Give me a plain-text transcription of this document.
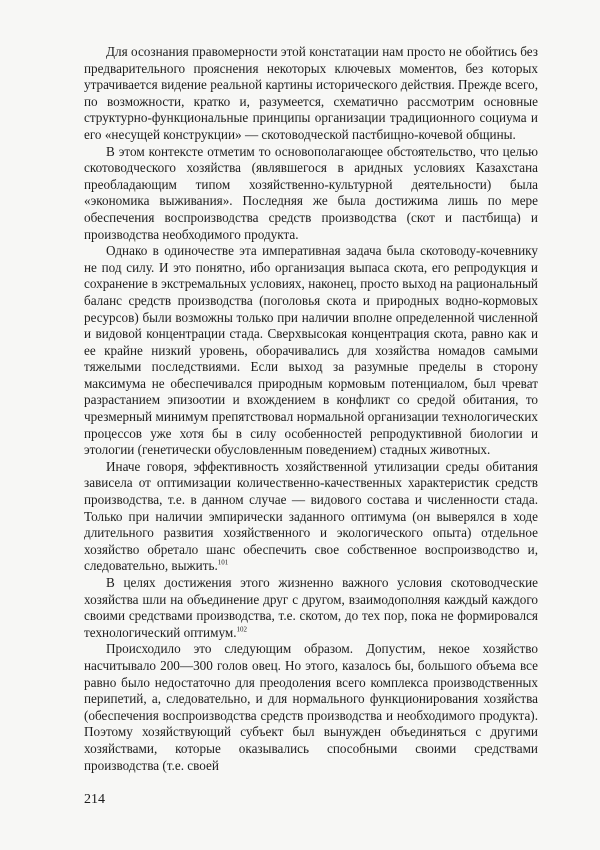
Для осознания правомерности этой констатации нам просто не обойтись без предварительного прояснения некоторых ключевых моментов, без которых утрачивается видение реальной картины исторического действия. Прежде всего, по возможности, кратко и, разумеется, схематично рассмотрим основные структурно-функциональные принципы организации традиционного социума и его «несущей конструкции» — скотоводческой пастбищно-кочевой общины.

В этом контексте отметим то основополагающее обстоятельство, что целью скотоводческого хозяйства (являвшегося в аридных условиях Казахстана преобладающим типом хозяйственно-культурной деятельности) была «экономика выживания». Последняя же была достижима лишь по мере обеспечения воспроизводства средств производства (скот и пастбища) и производства необходимого продукта.

Однако в одиночестве эта императивная задача была скотоводу-кочевнику не под силу. И это понятно, ибо организация выпаса скота, его репродукция и сохранение в экстремальных условиях, наконец, просто выход на рациональный баланс средств производства (поголовья скота и природных водно-кормовых ресурсов) были возможны только при наличии вполне определенной численной и видовой концентрации стада. Сверхвысокая концентрация скота, равно как и ее крайне низкий уровень, оборачивались для хозяйства номадов самыми тяжелыми последствиями. Если выход за разумные пределы в сторону максимума не обеспечивался природным кормовым потенциалом, был чреват разрастанием эпизоотии и вхождением в конфликт со средой обитания, то чрезмерный минимум препятствовал нормальной организации технологических процессов уже хотя бы в силу особенностей репродуктивной биологии и этологии (генетически обусловленным поведением) стадных животных.

Иначе говоря, эффективность хозяйственной утилизации среды обитания зависела от оптимизации количественно-качественных характеристик средств производства, т.е. в данном случае — видового состава и численности стада. Только при наличии эмпирически заданного оптимума (он выверялся в ходе длительного развития хозяйственного и экологического опыта) отдельное хозяйство обретало шанс обеспечить свое собственное воспроизводство и, следовательно, выжить.$^{101}$

В целях достижения этого жизненно важного условия скотоводческие хозяйства шли на объединение друг с другом, взаимодополняя каждый каждого своими средствами производства, т.е. скотом, до тех пор, пока не формировался технологический оптимум.$^{102}$

Происходило это следующим образом. Допустим, некое хозяйство насчитывало 200—300 голов овец. Но этого, казалось бы, большого объема все равно было недостаточно для преодоления всего комплекса производственных перипетий, а, следовательно, и для нормального функционирования хозяйства (обеспечения воспроизводства средств производства и необходимого продукта). Поэтому хозяйствующий субъект был вынужден объединяться с другими хозяйствами, которые оказывались способными своими средствами производства (т.е. своей

214
